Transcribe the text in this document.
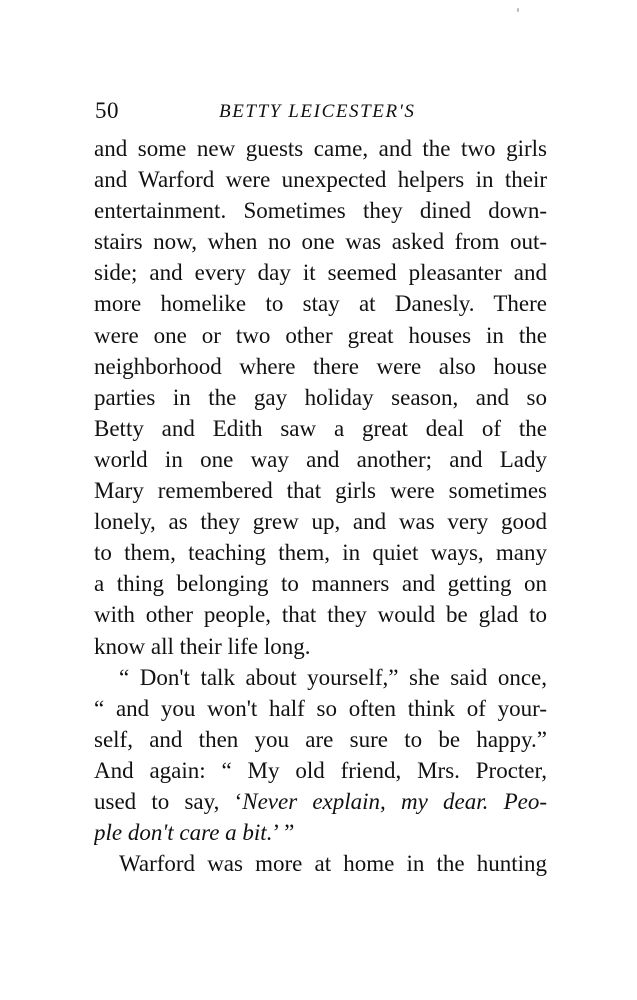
50	BETTY LEICESTER'S
and some new guests came, and the two girls
and Warford were unexpected helpers in their
entertainment. Sometimes they dined down-
stairs now, when no one was asked from out-
side; and every day it seemed pleasanter and
more homelike to stay at Danesly. There
were one or two other great houses in the
neighborhood where there were also house
parties in the gay holiday season, and so
Betty and Edith saw a great deal of the
world in one way and another; and Lady
Mary remembered that girls were sometimes
lonely, as they grew up, and was very good
to them, teaching them, in quiet ways, many
a thing belonging to manners and getting on
with other people, that they would be glad to
know all their life long.
“ Don't talk about yourself,” she said once,
“ and you won't half so often think of your-
self, and then you are sure to be happy.”
And again: “ My old friend, Mrs. Procter,
used to say, ‘Never explain, my dear. Peo-
ple don't care a bit.’ ”
Warford was more at home in the hunting
